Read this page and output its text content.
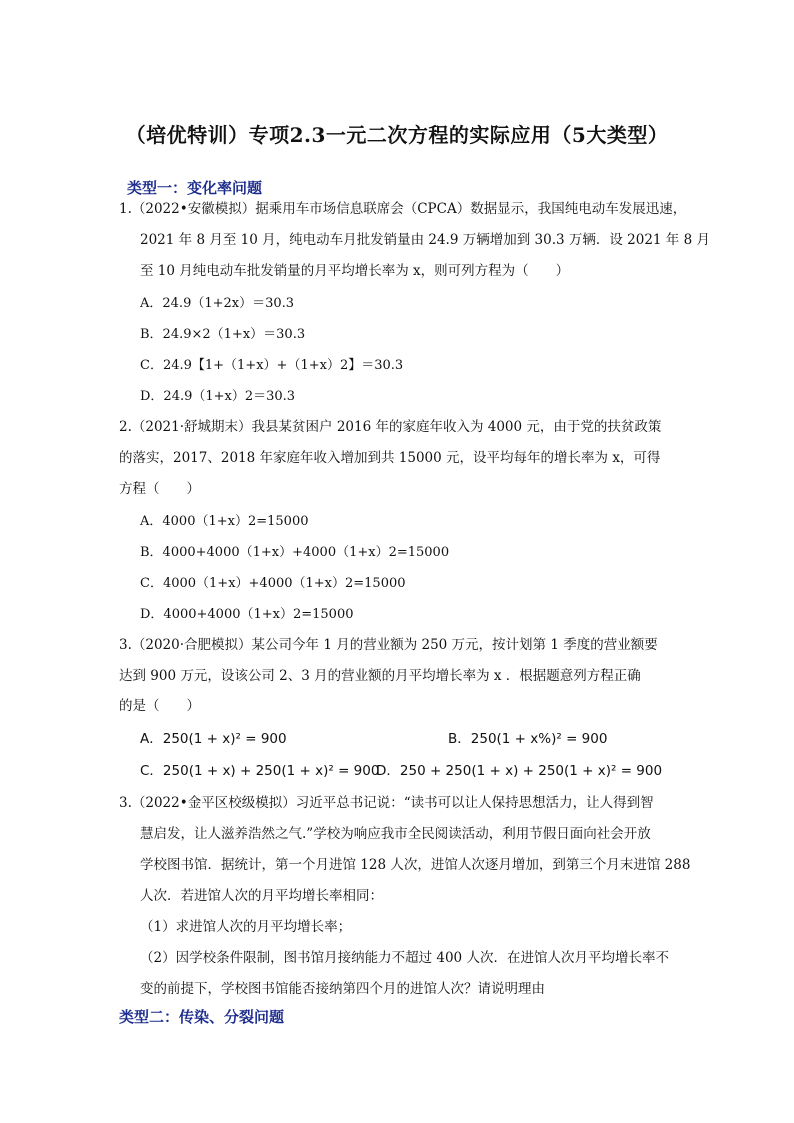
（培优特训）专项2.3一元二次方程的实际应用（5大类型）
类型一：变化率问题
1.（2022•安徽模拟）据乘用车市场信息联席会（CPCA）数据显示，我国纯电动车发展迅速，
2021 年 8 月至 10 月，纯电动车月批发销量由 24.9 万辆增加到 30.3 万辆．设 2021 年 8 月
至 10 月纯电动车批发销量的月平均增长率为 x，则可列方程为（　　）
A．24.9（1+2x）＝30.3
B．24.9×2（1+x）＝30.3
C．24.9【1+（1+x）+（1+x）2】＝30.3
D．24.9（1+x）2＝30.3
2.（2021·舒城期末）我县某贫困户 2016 年的家庭年收入为 4000 元，由于党的扶贫政策
的落实，2017、2018 年家庭年收入增加到共 15000 元，设平均每年的增长率为 x，可得
方程（　　）
A．4000（1+x）2=15000
B．4000+4000（1+x）+4000（1+x）2=15000
C．4000（1+x）+4000（1+x）2=15000
D．4000+4000（1+x）2=15000
3.（2020·合肥模拟）某公司今年 1 月的营业额为 250 万元，按计划第 1 季度的营业额要
达到 900 万元，设该公司 2、3 月的营业额的月平均增长率为 x ．根据题意列方程正确
的是（　　）
A．250(1 + x)² = 900	B．250(1 + x%)² = 900
C．250(1 + x) + 250(1 + x)² = 900
D．250 + 250(1 + x) + 250(1 + x)² = 900
3.（2022•金平区校级模拟）习近平总书记说：“读书可以让人保持思想活力，让人得到智
慧启发，让人滋养浩然之气.”学校为响应我市全民阅读活动，利用节假日面向社会开放
学校图书馆．据统计，第一个月进馆 128 人次，进馆人次逐月增加，到第三个月末进馆 288
人次．若进馆人次的月平均增长率相同：
（1）求进馆人次的月平均增长率；
（2）因学校条件限制，图书馆月接纳能力不超过 400 人次．在进馆人次月平均增长率不
变的前提下，学校图书馆能否接纳第四个月的进馆人次？请说明理由
类型二：传染、分裂问题
